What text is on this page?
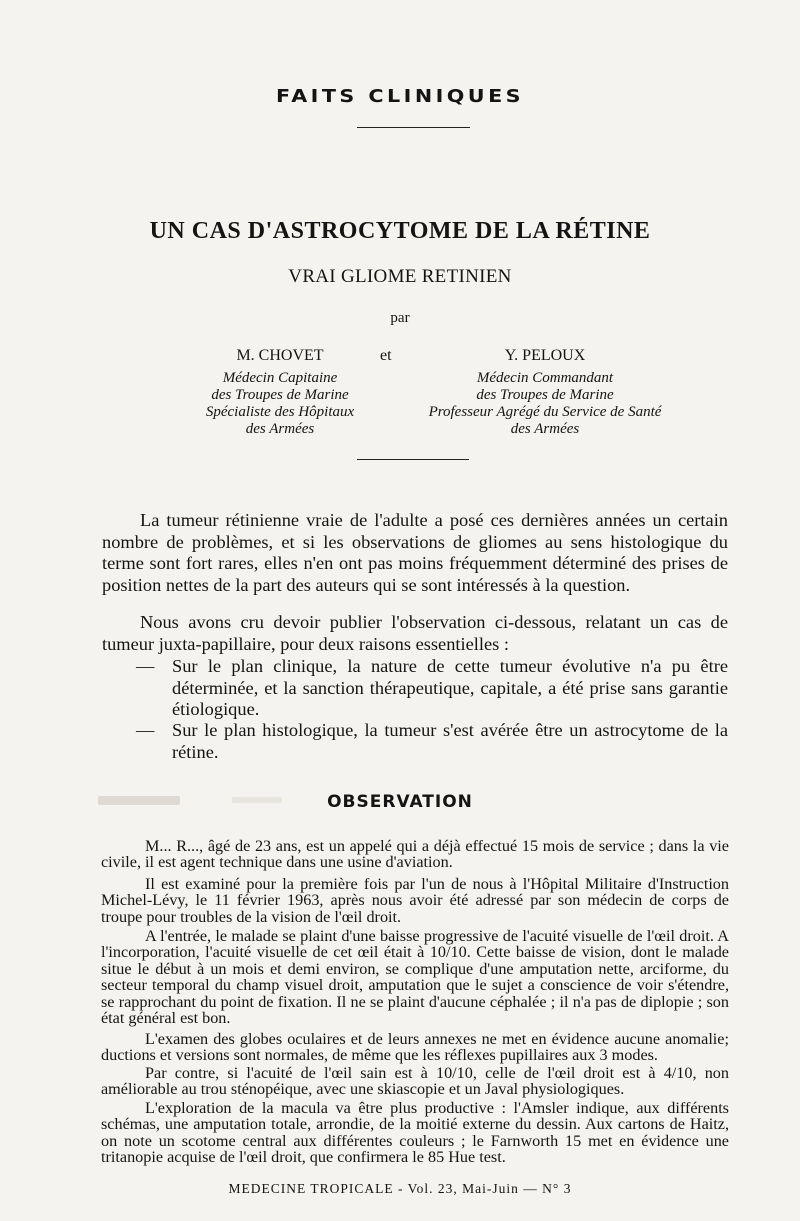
FAITS CLINIQUES
UN CAS D'ASTROCYTOME DE LA RÉTINE
VRAI GLIOME RETINIEN
par
M. CHOVET
Médecin Capitaine
des Troupes de Marine
Spécialiste des Hôpitaux
des Armées
et	Y. PELOUX
Médecin Commandant
des Troupes de Marine
Professeur Agrégé du Service de Santé
des Armées

La tumeur rétinienne vraie de l'adulte a posé ces dernières années un certain nombre de problèmes, et si les observations de gliomes au sens histologique du terme sont fort rares, elles n'en ont pas moins fréquemment déterminé des prises de position nettes de la part des auteurs qui se sont intéressés à la question.

Nous avons cru devoir publier l'observation ci-dessous, relatant un cas de tumeur juxta-papillaire, pour deux raisons essentielles :

— Sur le plan clinique, la nature de cette tumeur évolutive n'a pu être déterminée, et la sanction thérapeutique, capitale, a été prise sans garantie étiologique.
— Sur le plan histologique, la tumeur s'est avérée être un astrocytome de la rétine.
OBSERVATION

M... R..., âgé de 23 ans, est un appelé qui a déjà effectué 15 mois de service ; dans la vie civile, il est agent technique dans une usine d'aviation.

Il est examiné pour la première fois par l'un de nous à l'Hôpital Militaire d'Instruction Michel-Lévy, le 11 février 1963, après nous avoir été adressé par son médecin de corps de troupe pour troubles de la vision de l'œil droit.

A l'entrée, le malade se plaint d'une baisse progressive de l'acuité visuelle de l'œil droit. A l'incorporation, l'acuité visuelle de cet œil était à 10/10. Cette baisse de vision, dont le malade situe le début à un mois et demi environ, se complique d'une amputation nette, arciforme, du secteur temporal du champ visuel droit, amputation que le sujet a conscience de voir s'étendre, se rapprochant du point de fixation. Il ne se plaint d'aucune céphalée ; il n'a pas de diplopie ; son état général est bon.

L'examen des globes oculaires et de leurs annexes ne met en évidence aucune anomalie; ductions et versions sont normales, de même que les réflexes pupillaires aux 3 modes.

Par contre, si l'acuité de l'œil sain est à 10/10, celle de l'œil droit est à 4/10, non améliorable au trou sténopéique, avec une skiascopie et un Javal physiologiques.

L'exploration de la macula va être plus productive : l'Amsler indique, aux différents schémas, une amputation totale, arrondie, de la moitié externe du dessin. Aux cartons de Haitz, on note un scotome central aux différentes couleurs ; le Farnworth 15 met en évidence une tritanopie acquise de l'œil droit, que confirmera le 85 Hue test.

MEDECINE TROPICALE - Vol. 23, Mai-Juin — N° 3
